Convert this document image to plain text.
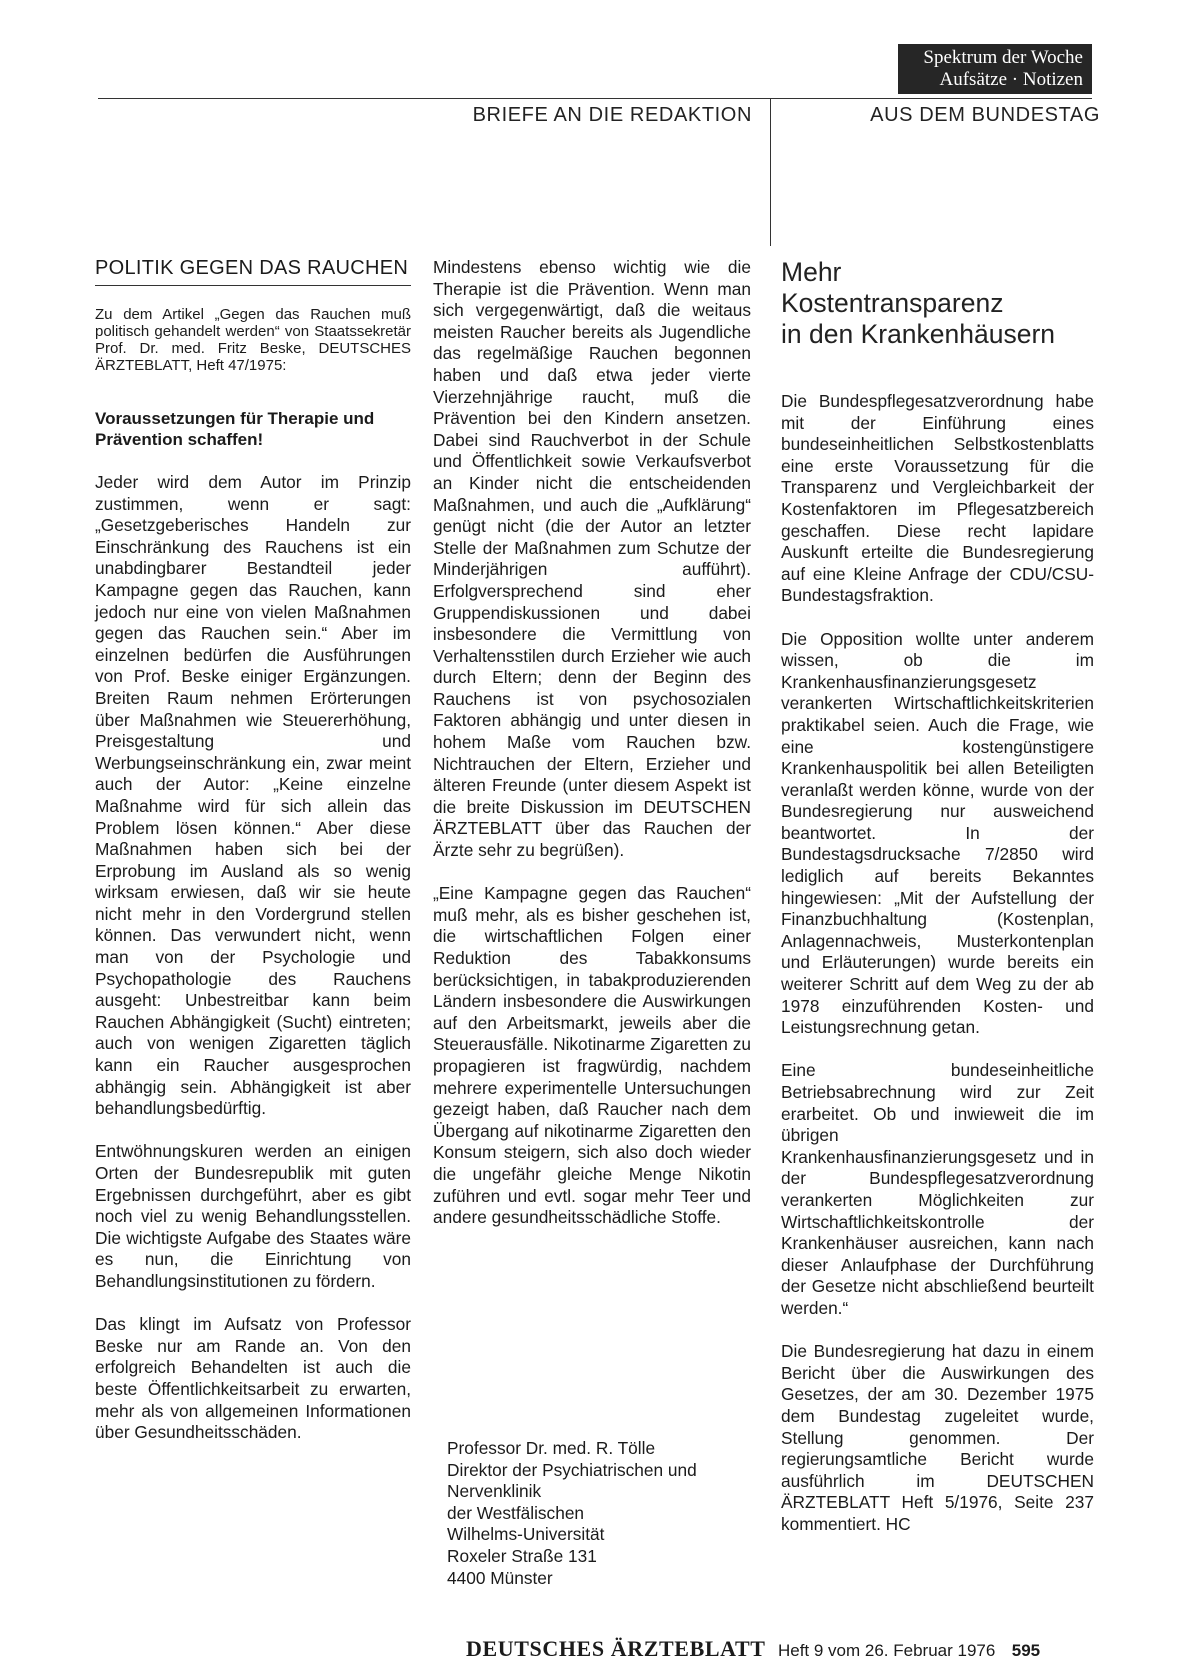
Spektrum der Woche
Aufsätze · Notizen
BRIEFE AN DIE REDAKTION	AUS DEM BUNDESTAG
POLITIK GEGEN DAS RAUCHEN

Zu dem Artikel „Gegen das Rauchen muß politisch gehandelt werden“ von Staatssekretär Prof. Dr. med. Fritz Beske, DEUTSCHES ÄRZTEBLATT, Heft 47/1975:

Voraussetzungen für Therapie und Prävention schaffen!

Jeder wird dem Autor im Prinzip zustimmen, wenn er sagt: „Gesetzgeberisches Handeln zur Einschränkung des Rauchens ist ein unabdingbarer Bestandteil jeder Kampagne gegen das Rauchen, kann jedoch nur eine von vielen Maßnahmen gegen das Rauchen sein.“ Aber im einzelnen bedürfen die Ausführungen von Prof. Beske einiger Ergänzungen. Breiten Raum nehmen Erörterungen über Maßnahmen wie Steuererhöhung, Preisgestaltung und Werbungseinschränkung ein, zwar meint auch der Autor: „Keine einzelne Maßnahme wird für sich allein das Problem lösen können.“ Aber diese Maßnahmen haben sich bei der Erprobung im Ausland als so wenig wirksam erwiesen, daß wir sie heute nicht mehr in den Vordergrund stellen können. Das verwundert nicht, wenn man von der Psychologie und Psychopathologie des Rauchens ausgeht: Unbestreitbar kann beim Rauchen Abhängigkeit (Sucht) eintreten; auch von wenigen Zigaretten täglich kann ein Raucher ausgesprochen abhängig sein. Abhängigkeit ist aber behandlungsbedürftig.

Entwöhnungskuren werden an einigen Orten der Bundesrepublik mit guten Ergebnissen durchgeführt, aber es gibt noch viel zu wenig Behandlungsstellen. Die wichtigste Aufgabe des Staates wäre es nun, die Einrichtung von Behandlungsinstitutionen zu fördern.

Das klingt im Aufsatz von Professor Beske nur am Rande an. Von den erfolgreich Behandelten ist auch die beste Öffentlichkeitsarbeit zu erwarten, mehr als von allgemeinen Informationen über Gesundheitsschäden.

Mindestens ebenso wichtig wie die Therapie ist die Prävention. Wenn man sich vergegenwärtigt, daß die weitaus meisten Raucher bereits als Jugendliche das regelmäßige Rauchen begonnen haben und daß etwa jeder vierte Vierzehnjährige raucht, muß die Prävention bei den Kindern ansetzen. Dabei sind Rauchverbot in der Schule und Öffentlichkeit sowie Verkaufsverbot an Kinder nicht die entscheidenden Maßnahmen, und auch die „Aufklärung“ genügt nicht (die der Autor an letzter Stelle der Maßnahmen zum Schutze der Minderjährigen aufführt). Erfolgversprechend sind eher Gruppendiskussionen und dabei insbesondere die Vermittlung von Verhaltensstilen durch Erzieher wie auch durch Eltern; denn der Beginn des Rauchens ist von psychosozialen Faktoren abhängig und unter diesen in hohem Maße vom Rauchen bzw. Nichtrauchen der Eltern, Erzieher und älteren Freunde (unter diesem Aspekt ist die breite Diskussion im DEUTSCHEN ÄRZTEBLATT über das Rauchen der Ärzte sehr zu begrüßen).

„Eine Kampagne gegen das Rauchen“ muß mehr, als es bisher geschehen ist, die wirtschaftlichen Folgen einer Reduktion des Tabakkonsums berücksichtigen, in tabakproduzierenden Ländern insbesondere die Auswirkungen auf den Arbeitsmarkt, jeweils aber die Steuerausfälle. Nikotinarme Zigaretten zu propagieren ist fragwürdig, nachdem mehrere experimentelle Untersuchungen gezeigt haben, daß Raucher nach dem Übergang auf nikotinarme Zigaretten den Konsum steigern, sich also doch wieder die ungefähr gleiche Menge Nikotin zuführen und evtl. sogar mehr Teer und andere gesundheitsschädliche Stoffe.

Professor Dr. med. R. Tölle
Direktor der Psychiatrischen und
Nervenklinik
der Westfälischen
Wilhelms-Universität
Roxeler Straße 131
4400 Münster
Mehr
Kostentransparenz
in den Krankenhäusern

Die Bundespflegesatzverordnung habe mit der Einführung eines bundeseinheitlichen Selbstkostenblatts eine erste Voraussetzung für die Transparenz und Vergleichbarkeit der Kostenfaktoren im Pflegesatzbereich geschaffen. Diese recht lapidare Auskunft erteilte die Bundesregierung auf eine Kleine Anfrage der CDU/CSU-Bundestagsfraktion.

Die Opposition wollte unter anderem wissen, ob die im Krankenhausfinanzierungsgesetz verankerten Wirtschaftlichkeitskriterien praktikabel seien. Auch die Frage, wie eine kostengünstigere Krankenhauspolitik bei allen Beteiligten veranlaßt werden könne, wurde von der Bundesregierung nur ausweichend beantwortet. In der Bundestagsdrucksache 7/2850 wird lediglich auf bereits Bekanntes hingewiesen: „Mit der Aufstellung der Finanzbuchhaltung (Kostenplan, Anlagennachweis, Musterkontenplan und Erläuterungen) wurde bereits ein weiterer Schritt auf dem Weg zu der ab 1978 einzuführenden Kosten- und Leistungsrechnung getan.

Eine bundeseinheitliche Betriebsabrechnung wird zur Zeit erarbeitet. Ob und inwieweit die im übrigen Krankenhausfinanzierungsgesetz und in der Bundespflegesatzverordnung verankerten Möglichkeiten zur Wirtschaftlichkeitskontrolle der Krankenhäuser ausreichen, kann nach dieser Anlaufphase der Durchführung der Gesetze nicht abschließend beurteilt werden.“

Die Bundesregierung hat dazu in einem Bericht über die Auswirkungen des Gesetzes, der am 30. Dezember 1975 dem Bundestag zugeleitet wurde, Stellung genommen. Der regierungsamtliche Bericht wurde ausführlich im DEUTSCHEN ÄRZTEBLATT Heft 5/1976, Seite 237 kommentiert. HC

DEUTSCHES ÄRZTEBLATT Heft 9 vom 26. Februar 1976 595
